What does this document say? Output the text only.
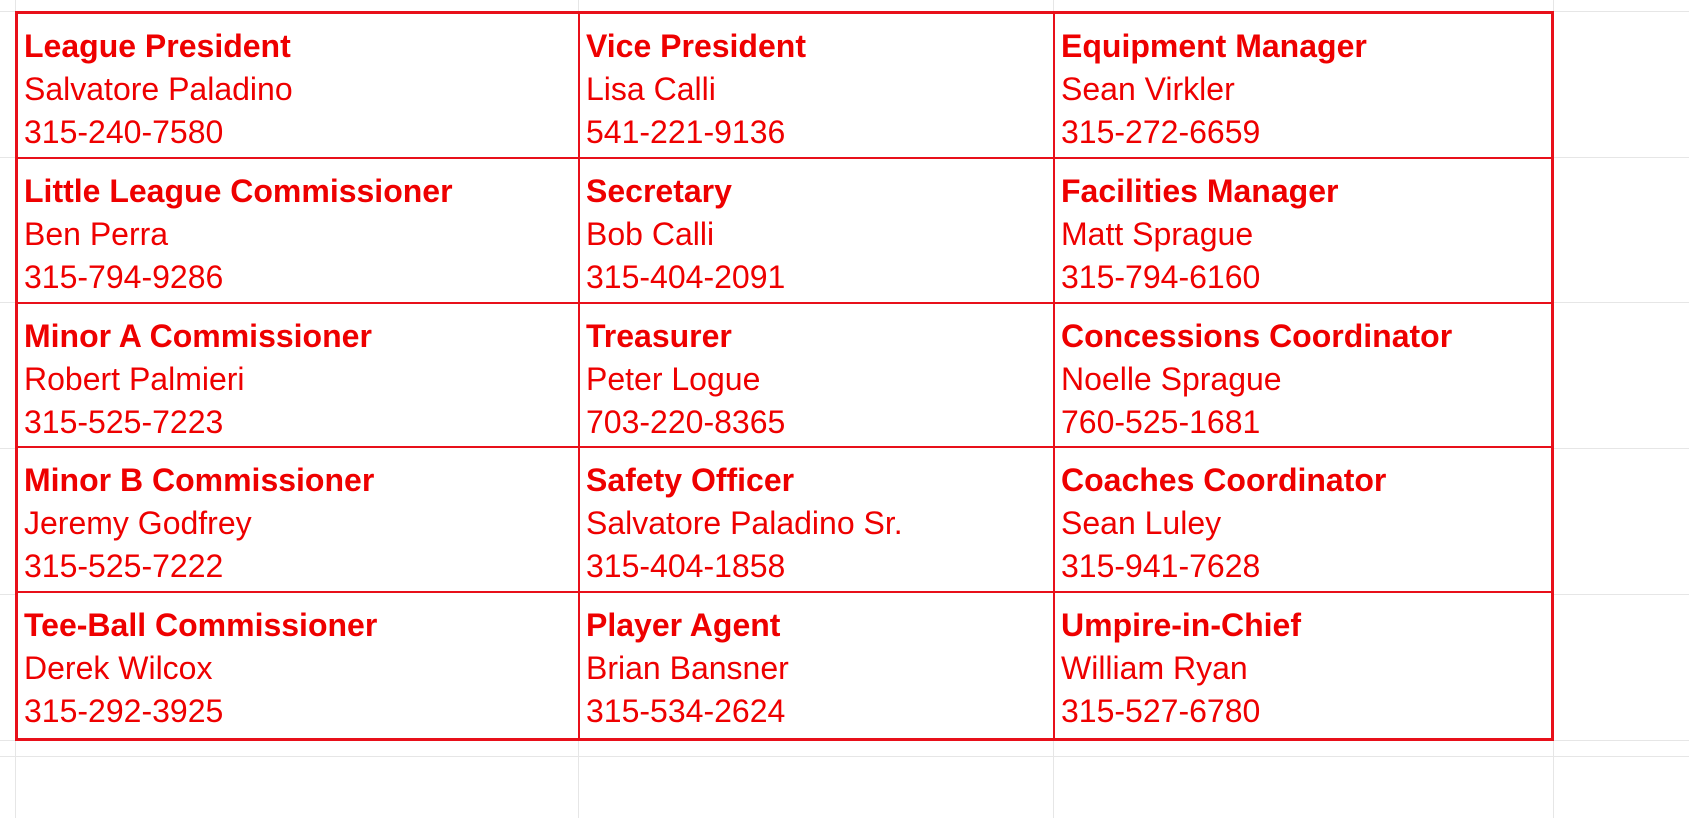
League President
Salvatore Paladino
315-240-7580
Vice President
Lisa Calli
541-221-9136
Equipment Manager
Sean Virkler
315-272-6659
Little League Commissioner
Ben Perra
315-794-9286
Secretary
Bob Calli
315-404-2091
Facilities Manager
Matt Sprague
315-794-6160
Minor A Commissioner
Robert Palmieri
315-525-7223
Treasurer
Peter Logue
703-220-8365
Concessions Coordinator
Noelle Sprague
760-525-1681
Minor B Commissioner
Jeremy Godfrey
315-525-7222
Safety Officer
Salvatore Paladino Sr.
315-404-1858
Coaches Coordinator
Sean Luley
315-941-7628
Tee-Ball Commissioner
Derek Wilcox
315-292-3925
Player Agent
Brian Bansner
315-534-2624
Umpire-in-Chief
William Ryan
315-527-6780
